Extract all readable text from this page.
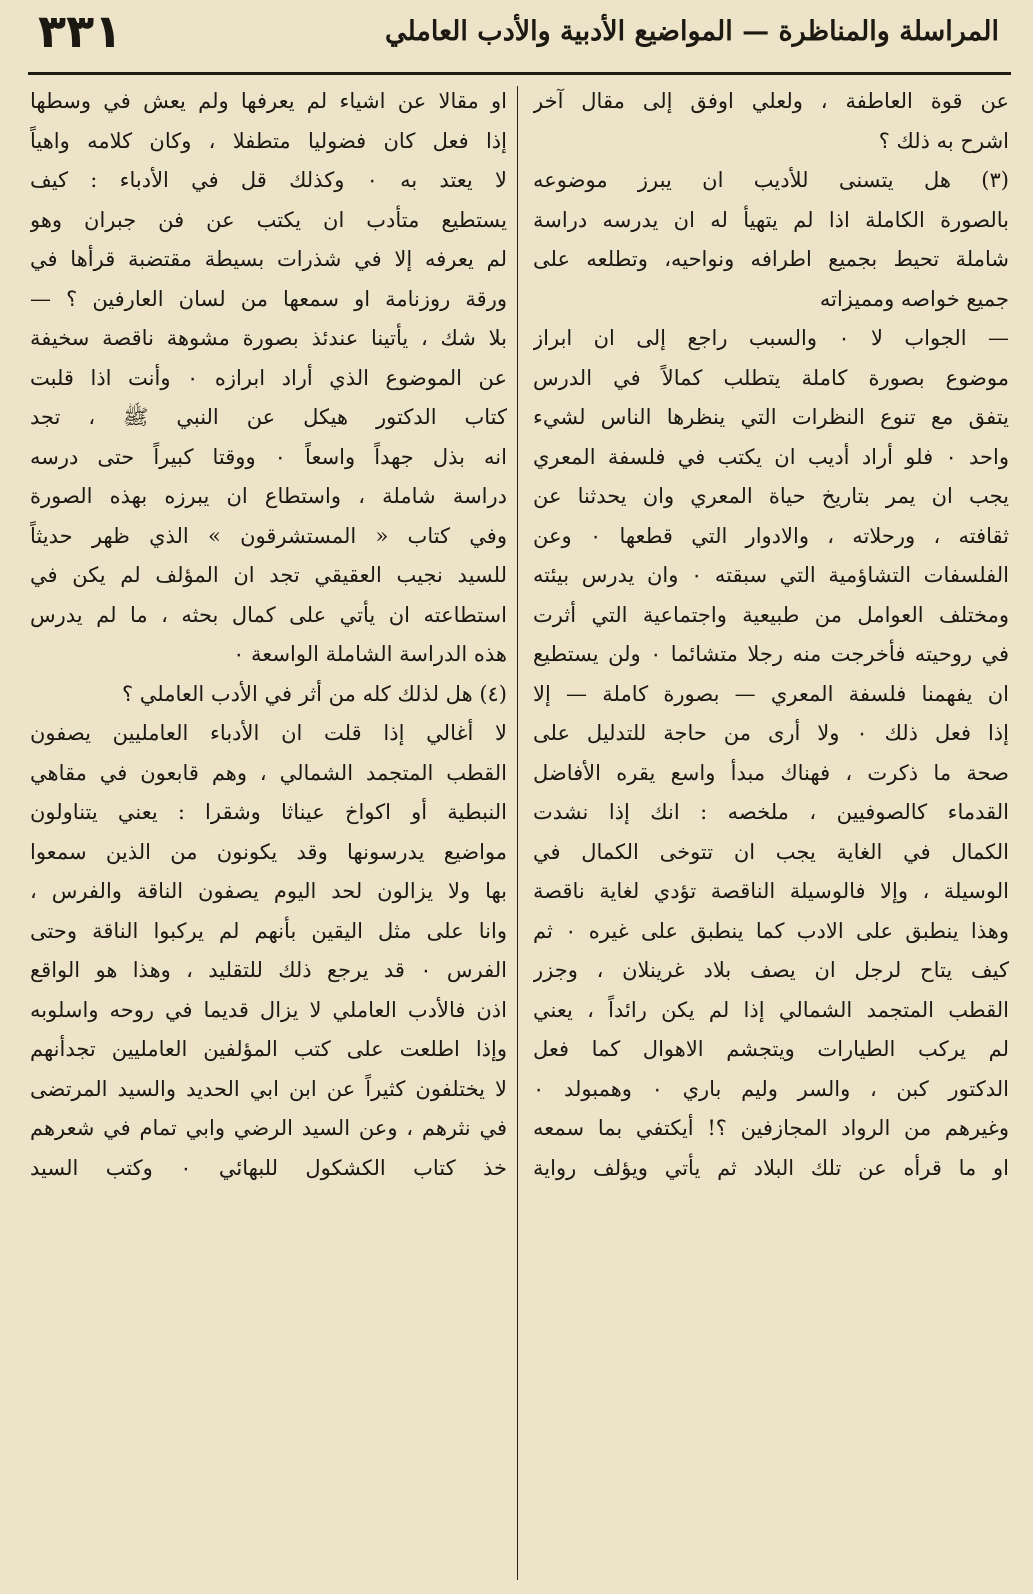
المراسلة والمناظرة — المواضيع الأدبية والأدب العاملي
٣٣١
عن قوة العاطفة ، ولعلي اوفق إلى مقال آخر
اشرح به ذلك ؟
(٣) هل يتسنى للأديب ان يبرز موضوعه
بالصورة الكاملة اذا لم يتهيأ له ان يدرسه دراسة
شاملة تحيط بجميع اطرافه ونواحيه، وتطلعه على
جميع خواصه ومميزاته
— الجواب لا ٠ والسبب راجع إلى ان ابراز
موضوع بصورة كاملة يتطلب كمالاً في الدرس
يتفق مع تنوع النظرات التي ينظرها الناس لشيء
واحد ٠ فلو أراد أديب ان يكتب في فلسفة المعري
يجب ان يمر بتاريخ حياة المعري وان يحدثنا عن
ثقافته ، ورحلاته ، والادوار التي قطعها ٠ وعن
الفلسفات التشاؤمية التي سبقته ٠ وان يدرس بيئته
ومختلف العوامل من طبيعية واجتماعية التي أثرت
في روحيته فأخرجت منه رجلا متشائما ٠ ولن يستطيع
ان يفهمنا فلسفة المعري — بصورة كاملة — إلا
إذا فعل ذلك ٠ ولا أرى من حاجة للتدليل على
صحة ما ذكرت ، فهناك مبدأ واسع يقره الأفاضل
القدماء كالصوفيين ، ملخصه : انك إذا نشدت
الكمال في الغاية يجب ان تتوخى الكمال في
الوسيلة ، وإلا فالوسيلة الناقصة تؤدي لغاية ناقصة
وهذا ينطبق على الادب كما ينطبق على غيره ٠ ثم
كيف يتاح لرجل ان يصف بلاد غرينلان ، وجزر
القطب المتجمد الشمالي إذا لم يكن رائداً ، يعني
لم يركب الطيارات ويتجشم الاهوال كما فعل
الدكتور كبن ، والسر وليم باري ٠ وهمبولد ٠
وغيرهم من الرواد المجازفين ؟! أيكتفي بما سمعه
او ما قرأه عن تلك البلاد ثم يأتي ويؤلف رواية
او مقالا عن اشياء لم يعرفها ولم يعش في وسطها
إذا فعل كان فضوليا متطفلا ، وكان كلامه واهياً
لا يعتد به ٠ وكذلك قل في الأدباء : كيف
يستطيع متأدب ان يكتب عن فن جبران وهو
لم يعرفه إلا في شذرات بسيطة مقتضبة قرأها في
ورقة روزنامة او سمعها من لسان العارفين ؟ —
بلا شك ، يأتينا عندئذ بصورة مشوهة ناقصة سخيفة
عن الموضوع الذي أراد ابرازه ٠ وأنت اذا قلبت
كتاب الدكتور هيكل عن النبي ﷺ ، تجد
انه بذل جهداً واسعاً ٠ ووقتا كبيراً حتى درسه
دراسة شاملة ، واستطاع ان يبرزه بهذه الصورة
وفي كتاب « المستشرقون » الذي ظهر حديثاً
للسيد نجيب العقيقي تجد ان المؤلف لم يكن في
استطاعته ان يأتي على كمال بحثه ، ما لم يدرس
هذه الدراسة الشاملة الواسعة ٠
(٤) هل لذلك كله من أثر في الأدب العاملي ؟
لا أغالي إذا قلت ان الأدباء العامليين يصفون
القطب المتجمد الشمالي ، وهم قابعون في مقاهي
النبطية أو اكواخ عيناثا وشقرا : يعني يتناولون
مواضيع يدرسونها وقد يكونون من الذين سمعوا
بها ولا يزالون لحد اليوم يصفون الناقة والفرس ،
وانا على مثل اليقين بأنهم لم يركبوا الناقة وحتى
الفرس ٠ قد يرجع ذلك للتقليد ، وهذا هو الواقع
اذن فالأدب العاملي لا يزال قديما في روحه واسلوبه
وإذا اطلعت على كتب المؤلفين العامليين تجدأنهم
لا يختلفون كثيراً عن ابن ابي الحديد والسيد المرتضى
في نثرهم ، وعن السيد الرضي وابي تمام في شعرهم
خذ كتاب الكشكول للبهائي ٠ وكتب السيد
